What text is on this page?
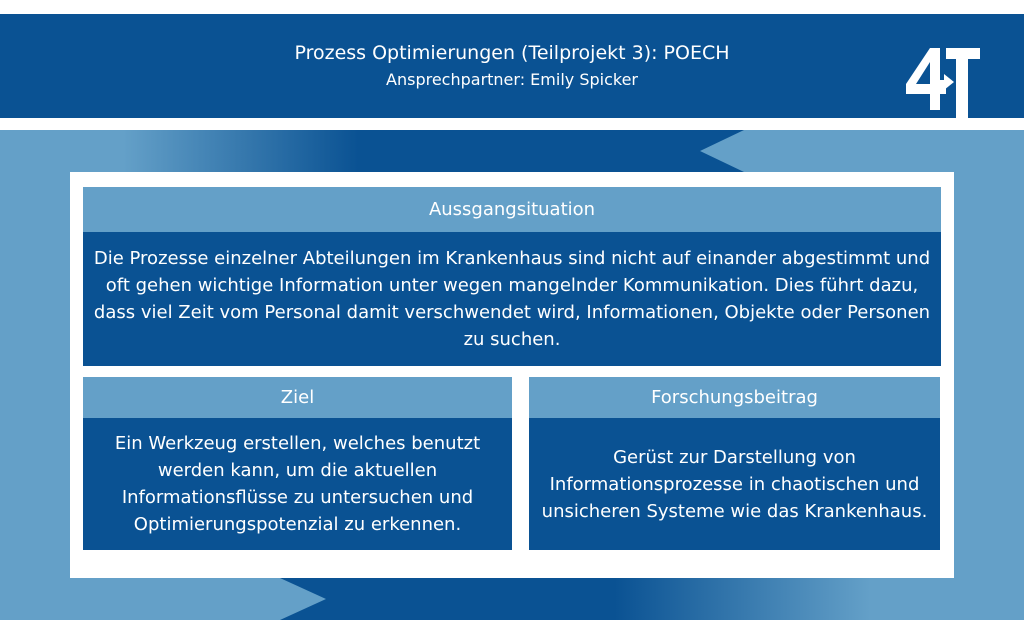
Prozess Optimierungen (Teilprojekt 3): POECH
Ansprechpartner: Emily Spicker
Aussgangsituation
Die Prozesse einzelner Abteilungen im Krankenhaus sind nicht auf einander abgestimmt und oft gehen wichtige Information unter wegen mangelnder Kommunikation. Dies führt dazu, dass viel Zeit vom Personal damit verschwendet wird, Informationen, Objekte oder Personen zu suchen.
Ziel
Ein Werkzeug erstellen, welches benutzt werden kann, um die aktuellen Informationsflüsse zu untersuchen und Optimierungspotenzial zu erkennen.
Forschungsbeitrag
Gerüst zur Darstellung von Informationsprozesse in chaotischen und unsicheren Systeme wie das Krankenhaus.
